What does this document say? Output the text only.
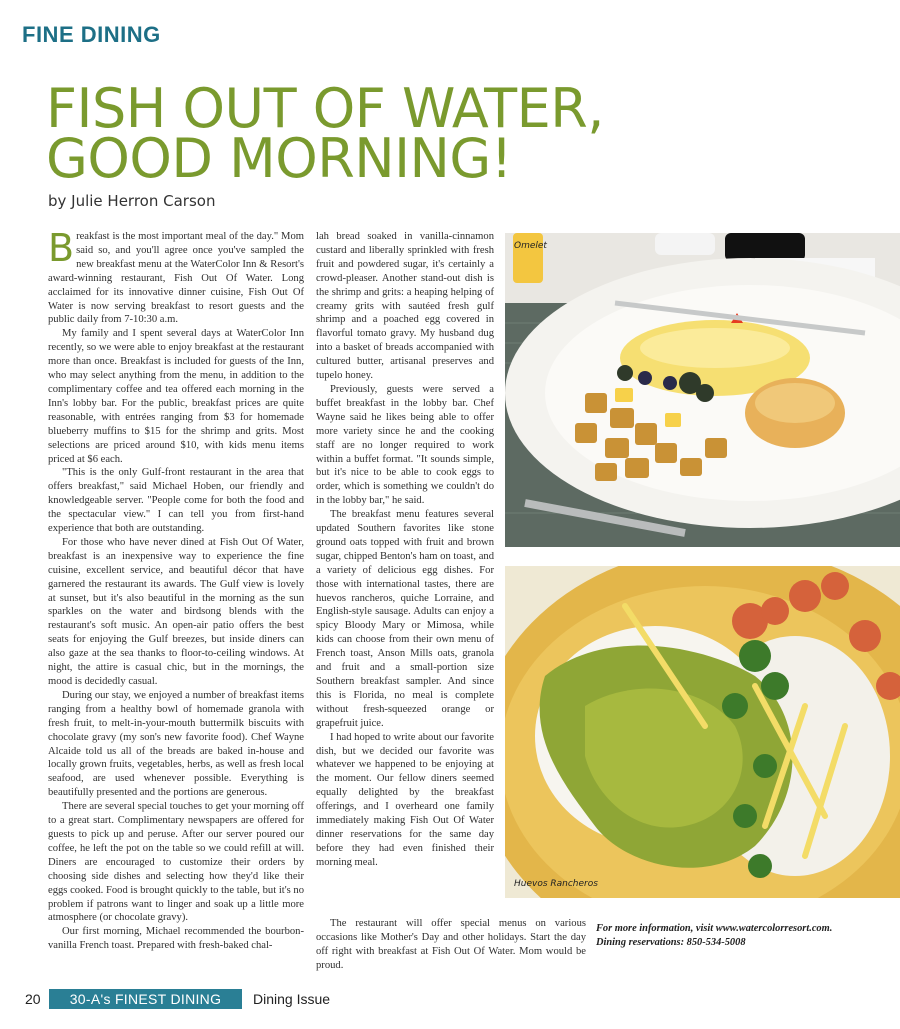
FINE DINING
FISH OUT OF WATER,
GOOD MORNING!
by Julie Herron Carson

Breakfast is the most important meal of the day." Mom said so, and you'll agree once you've sampled the new breakfast menu at the WaterColor Inn & Resort's award-winning restaurant, Fish Out Of Water. Long acclaimed for its innovative dinner cuisine, Fish Out Of Water is now serving breakfast to resort guests and the public daily from 7-10:30 a.m.

My family and I spent several days at WaterColor Inn recently, so we were able to enjoy breakfast at the restaurant more than once. Breakfast is included for guests of the Inn, who may select anything from the menu, in addition to the complimentary coffee and tea offered each morning in the Inn's lobby bar. For the public, breakfast prices are quite reasonable, with entrées ranging from $3 for homemade blueberry muffins to $15 for the shrimp and grits. Most selections are priced around $10, with kids menu items priced at $6 each.

"This is the only Gulf-front restaurant in the area that offers breakfast," said Michael Hoben, our friendly and knowledgeable server. "People come for both the food and the spectacular view." I can tell you from first-hand experience that both are outstanding.

For those who have never dined at Fish Out Of Water, breakfast is an inexpensive way to experience the fine cuisine, excellent service, and beautiful décor that have garnered the restaurant its awards. The Gulf view is lovely at sunset, but it's also beautiful in the morning as the sun sparkles on the water and birdsong blends with the restaurant's soft music. An open-air patio offers the best seats for enjoying the Gulf breezes, but inside diners can also gaze at the sea thanks to floor-to-ceiling windows. At night, the attire is casual chic, but in the mornings, the mood is decidedly casual.

During our stay, we enjoyed a number of breakfast items ranging from a healthy bowl of homemade granola with fresh fruit, to melt-in-your-mouth buttermilk biscuits with chocolate gravy (my son's new favorite food). Chef Wayne Alcaide told us all of the breads are baked in-house and locally grown fruits, vegetables, herbs, as well as fresh local seafood, are used whenever possible. Everything is beautifully presented and the portions are generous.

There are several special touches to get your morning off to a great start. Complimentary newspapers are offered for guests to pick up and peruse. After our server poured our coffee, he left the pot on the table so we could refill at will. Diners are encouraged to customize their orders by choosing side dishes and selecting how they'd like their eggs cooked. Food is brought quickly to the table, but it's no problem if patrons want to linger and soak up a little more atmosphere (or chocolate gravy).

Our first morning, Michael recommended the bourbon-vanilla French toast. Prepared with fresh-baked chal-

lah bread soaked in vanilla-cinnamon custard and liberally sprinkled with fresh fruit and powdered sugar, it's certainly a crowd-pleaser. Another stand-out dish is the shrimp and grits: a heaping helping of creamy grits with sautéed fresh gulf shrimp and a poached egg covered in flavorful tomato gravy. My husband dug into a basket of breads accompanied with cultured butter, artisanal preserves and tupelo honey.

Previously, guests were served a buffet breakfast in the lobby bar. Chef Wayne said he likes being able to offer more variety since he and the cooking staff are no longer required to work within a buffet format. "It sounds simple, but it's nice to be able to cook eggs to order, which is something we couldn't do in the lobby bar," he said.

The breakfast menu features several updated Southern favorites like stone ground oats topped with fruit and brown sugar, chipped Benton's ham on toast, and a variety of delicious egg dishes. For those with international tastes, there are huevos rancheros, quiche Lorraine, and English-style sausage. Adults can enjoy a spicy Bloody Mary or Mimosa, while kids can choose from their own menu of French toast, Anson Mills oats, granola and fruit and a small-portion size Southern breakfast sampler. And since this is Florida, no meal is complete without fresh-squeezed orange or grapefruit juice.

I had hoped to write about our favorite dish, but we decided our favorite was whatever we happened to be enjoying at the moment. Our fellow diners seemed equally delighted by the breakfast offerings, and I overheard one family immediately making Fish Out Of Water dinner reservations for the same day before they had even finished their morning meal.

The restaurant will offer special menus on various occasions like Mother's Day and other holidays. Start the day off right with breakfast at Fish Out Of Water. Mom would be proud.

Omelet
Huevos Rancheros
For more information, visit www.watercolorresort.com.
Dining reservations: 850-534-5008
20	30-A's FINEST DINING	Dining Issue
